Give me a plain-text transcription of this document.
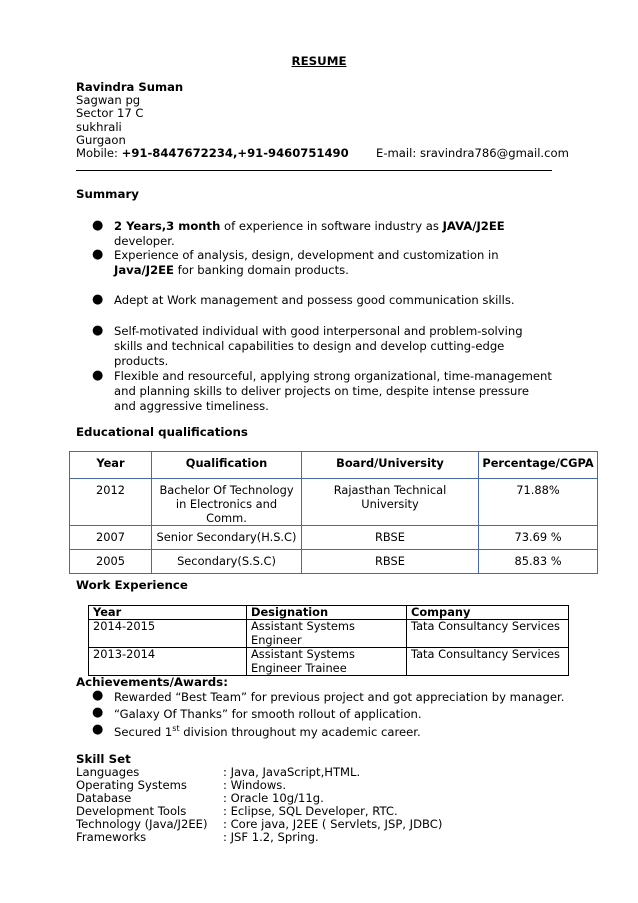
RESUME
Ravindra Suman
Sagwan pg
Sector 17 C
sukhrali
Gurgaon
Mobile: +91-8447672234,+91-9460751490 E-mail: sravindra786@gmail.com
Summary
● 2 Years,3 month of experience in software industry as JAVA/J2EE developer.
● Experience of analysis, design, development and customization in Java/J2EE for banking domain products.
● Adept at Work management and possess good communication skills.
● Self-motivated individual with good interpersonal and problem-solving skills and technical capabilities to design and develop cutting-edge products.
● Flexible and resourceful, applying strong organizational, time-management and planning skills to deliver projects on time, despite intense pressure and aggressive timeliness.
Educational qualifications
Year	Qualification	Board/University	Percentage/CGPA
2012	Bachelor Of Technology in Electronics and Comm.	Rajasthan Technical University	71.88%
2007	Senior Secondary(H.S.C)	RBSE	73.69 %
2005	Secondary(S.S.C)	RBSE	85.83 %
Work Experience
Year	Designation	Company
2014-2015	Assistant Systems Engineer	Tata Consultancy Services
2013-2014	Assistant Systems Engineer Trainee	Tata Consultancy Services
Achievements/Awards:
● Rewarded “Best Team” for previous project and got appreciation by manager.
● “Galaxy Of Thanks” for smooth rollout of application.
● Secured 1st division throughout my academic career.
Skill Set
Languages	: Java, JavaScript,HTML.
Operating Systems	: Windows.
Database	: Oracle 10g/11g.
Development Tools	: Eclipse, SQL Developer, RTC.
Technology (Java/J2EE) : Core java, J2EE ( Servlets, JSP, JDBC)
Frameworks	: JSF 1.2, Spring.
